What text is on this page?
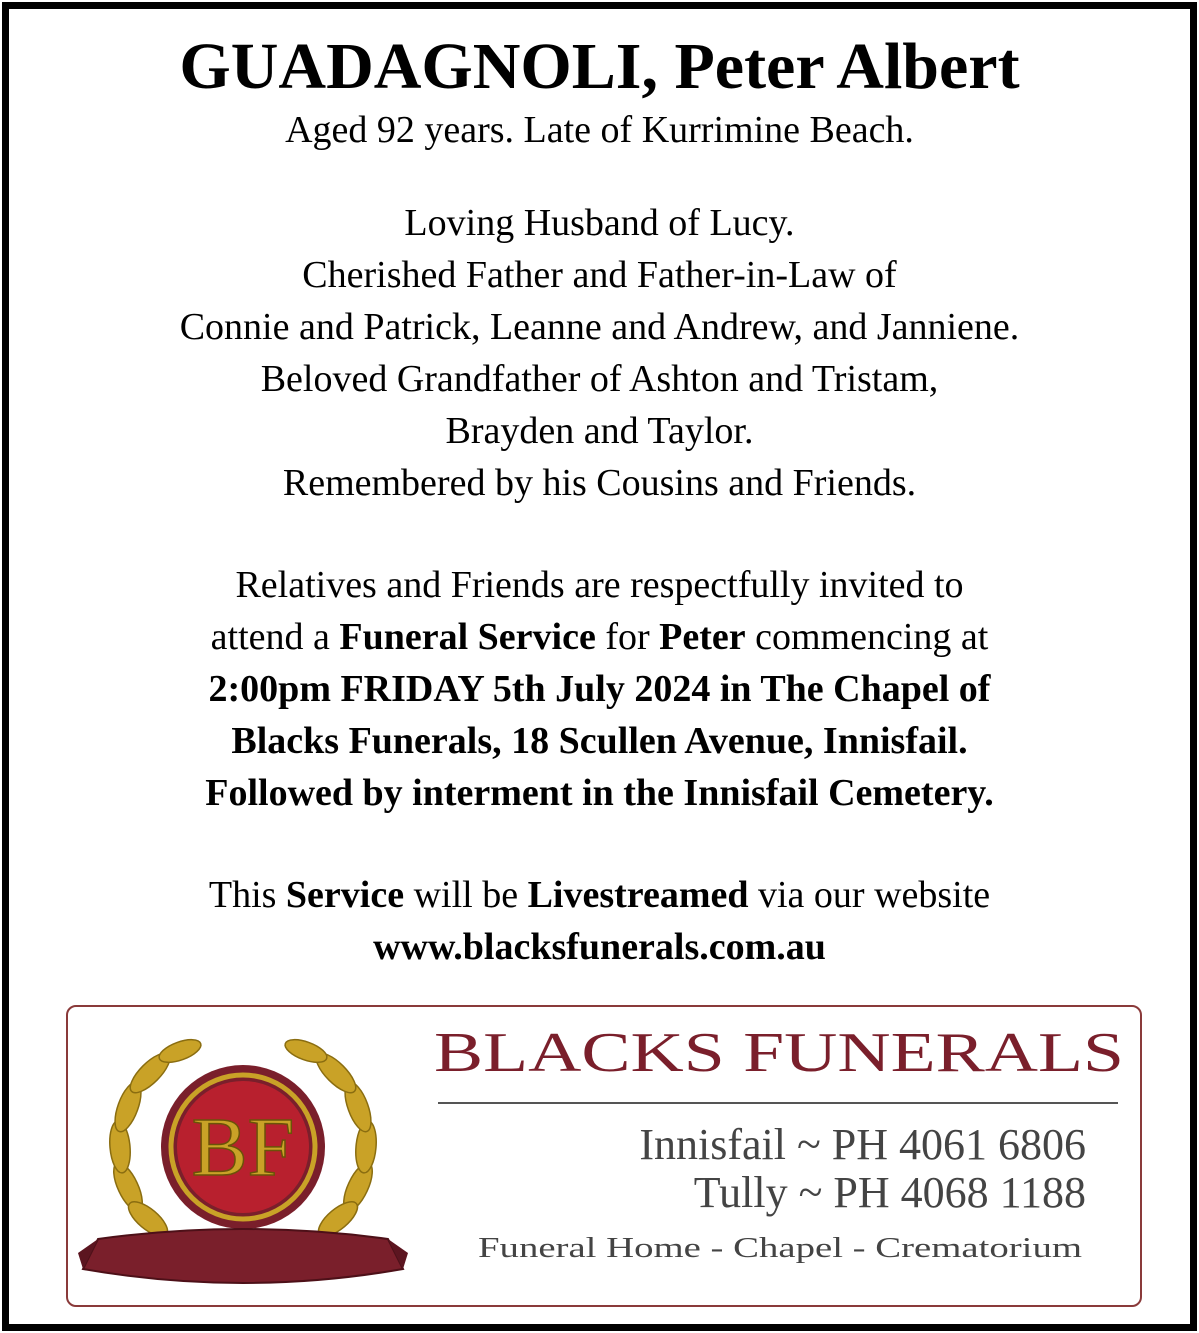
GUADAGNOLI, Peter Albert

Aged 92 years. Late of Kurrimine Beach.

Loving Husband of Lucy.
Cherished Father and Father-in-Law of
Connie and Patrick, Leanne and Andrew, and Janniene.
Beloved Grandfather of Ashton and Tristam,
Brayden and Taylor.
Remembered by his Cousins and Friends.
Relatives and Friends are respectfully invited to
attend a Funeral Service for Peter commencing at
2:00pm FRIDAY 5th July 2024 in The Chapel of
Blacks Funerals, 18 Scullen Avenue, Innisfail.
Followed by interment in the Innisfail Cemetery.
This Service will be Livestreamed via our website
www.blacksfunerals.com.au
BF
BLACKS FUNERALS
Innisfail ~ PH 4061 6806
Tully ~ PH 4068 1188
Funeral Home - Chapel - Crematorium
